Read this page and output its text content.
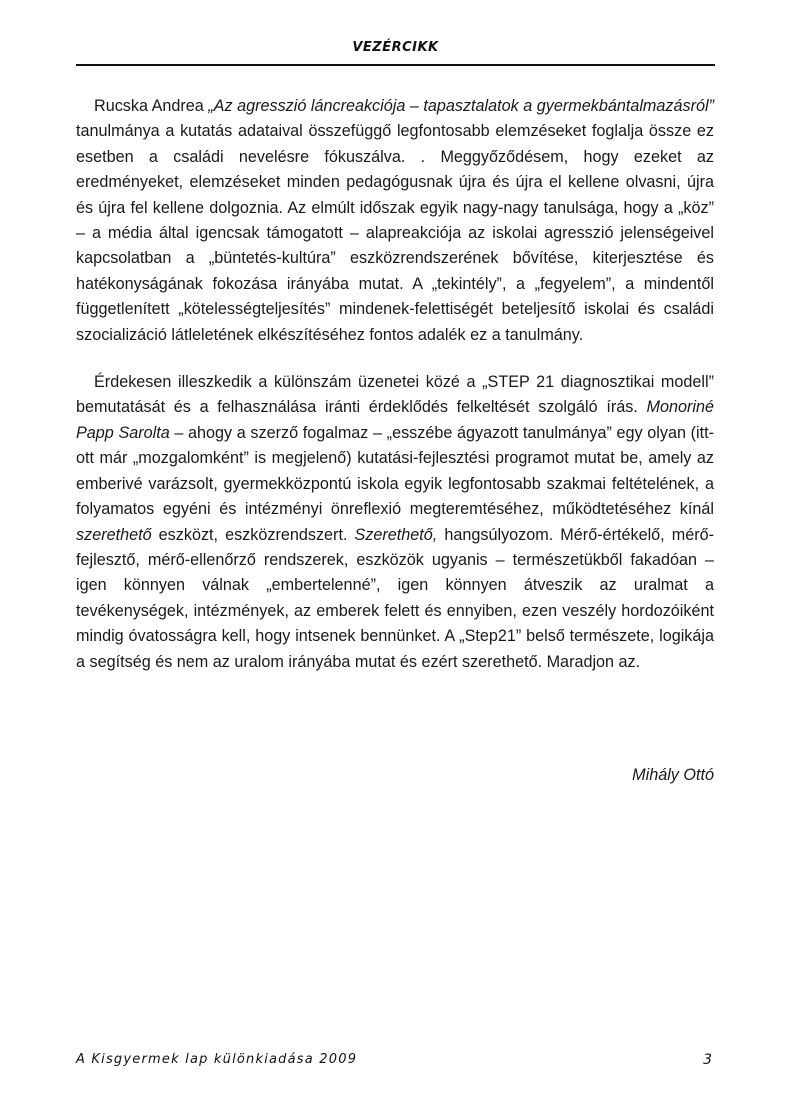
VEZÉRCIKK

Rucska Andrea „Az agresszió láncreakciója – tapasztalatok a gyermekbántalmazásról” tanulmánya a kutatás adataival összefüggő legfontosabb elemzéseket foglalja össze ez esetben a családi nevelésre fókuszálva. . Meggyőződésem, hogy ezeket az eredményeket, elemzéseket minden pedagógusnak újra és újra el kellene olvasni, újra és újra fel kellene dolgoznia. Az elmúlt időszak egyik nagy-nagy tanulsága, hogy a „köz” – a média által igencsak támogatott – alapreakciója az iskolai agresszió jelenségeivel kapcsolatban a „büntetés-kultúra” eszközrendszerének bővítése, kiterjesztése és hatékonyságának fokozása irányába mutat. A „tekintély”, a „fegyelem”, a mindentől függetlenített „kötelességteljesítés” mindenek-felettiségét beteljesítő iskolai és családi szocializáció látleletének elkészítéséhez fontos adalék ez a tanulmány.

Érdekesen illeszkedik a különszám üzenetei közé a „STEP 21 diagnosztikai modell” bemutatását és a felhasználása iránti érdeklődés felkeltését szolgáló írás. Monoriné Papp Sarolta – ahogy a szerző fogalmaz – „esszébe ágyazott tanulmánya” egy olyan (itt-ott már „mozgalomként” is megjelenő) kutatási-fejlesztési programot mutat be, amely az emberivé varázsolt, gyermekközpontú iskola egyik legfontosabb szakmai feltételének, a folyamatos egyéni és intézményi önreflexió megteremtéséhez, működtetéséhez kínál szerethető eszközt, eszközrendszert. Szerethető, hangsúlyozom. Mérő-értékelő, mérő-fejlesztő, mérő-ellenőrző rendszerek, eszközök ugyanis – természetükből fakadóan – igen könnyen válnak „embertelenné”, igen könnyen átveszik az uralmat a tevékenységek, intézmények, az emberek felett és ennyiben, ezen veszély hordozóiként mindig óvatosságra kell, hogy intsenek bennünket. A „Step21” belső természete, logikája a segítség és nem az uralom irányába mutat és ezért szerethető. Maradjon az.

Mihály Ottó
A Kisgyermek lap különkiadása 2009	3
